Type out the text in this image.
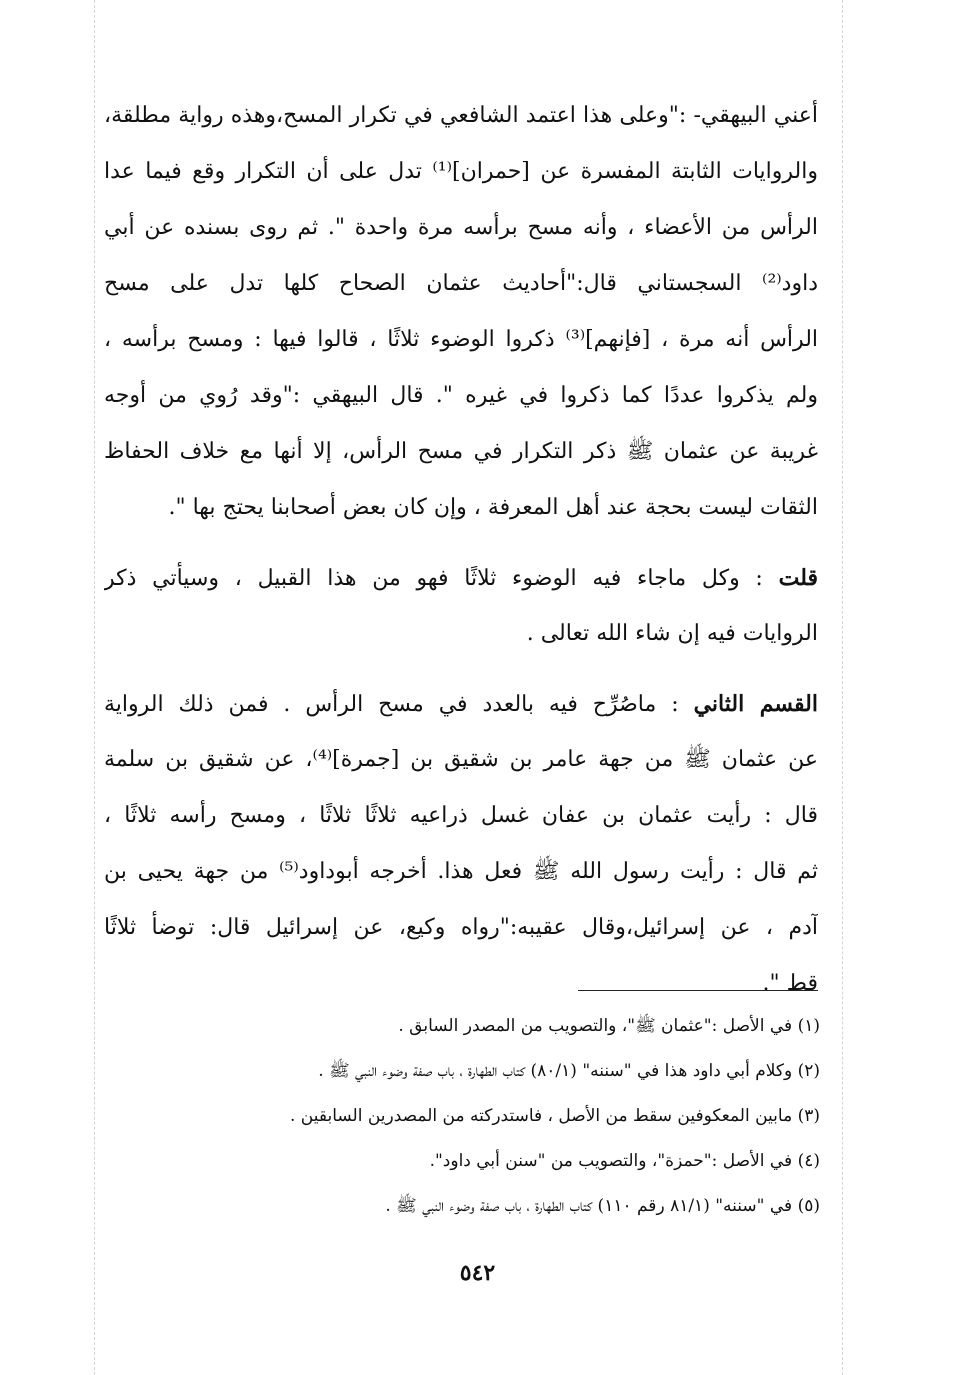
أعني البيهقي- :"وعلى هذا اعتمد الشافعي في تكرار المسح،وهذه رواية مطلقة،
والروايات الثابتة المفسرة عن [حمران]⁽¹⁾ تدل على أن التكرار وقع فيما عدا
الرأس من الأعضاء ، وأنه مسح برأسه مرة واحدة ". ثم روى بسنده عن أبي
داود⁽²⁾ السجستاني قال:"أحاديث عثمان الصحاح كلها تدل على مسح
الرأس أنه مرة ، [فإنهم]⁽³⁾ ذكروا الوضوء ثلاثًا ، قالوا فيها : ومسح برأسه ،
ولم يذكروا عددًا كما ذكروا في غيره ". قال البيهقي :"وقد رُوي من أوجه
غريبة عن عثمان ﷺ ذكر التكرار في مسح الرأس، إلا أنها مع خلاف الحفاظ
الثقات ليست بحجة عند أهل المعرفة ، وإن كان بعض أصحابنا يحتج بها ".
قلت : وكل ماجاء فيه الوضوء ثلاثًا فهو من هذا القبيل ، وسيأتي ذكر
الروايات فيه إن شاء الله تعالى .
القسم الثاني : ماصُرِّح فيه بالعدد في مسح الرأس . فمن ذلك الرواية
عن عثمان ﷺ من جهة عامر بن شقيق بن [جمرة]⁽⁴⁾، عن شقيق بن سلمة
قال : رأيت عثمان بن عفان غسل ذراعيه ثلاثًا ثلاثًا ، ومسح رأسه ثلاثًا ،
ثم قال : رأيت رسول الله ﷺ فعل هذا. أخرجه أبوداود⁽⁵⁾ من جهة يحيى بن
آدم ، عن إسرائيل،وقال عقيبه:"رواه وكيع، عن إسرائيل قال: توضأ ثلاثًا
قط ".
(١) في الأصل :"عثمان ﷺ"، والتصويب من المصدر السابق .
(٢) وكلام أبي داود هذا في "سننه" (٨٠/١) كتاب الطهارة ، باب صفة وضوء النبي ﷺ .
(٣) مابين المعكوفين سقط من الأصل ، فاستدركته من المصدرين السابقين .
(٤) في الأصل :"حمزة"، والتصويب من "سنن أبي داود".
(٥) في "سننه" (٨١/١ رقم ١١٠) كتاب الطهارة ، باب صفة وضوء النبي ﷺ .
٥٤٢
